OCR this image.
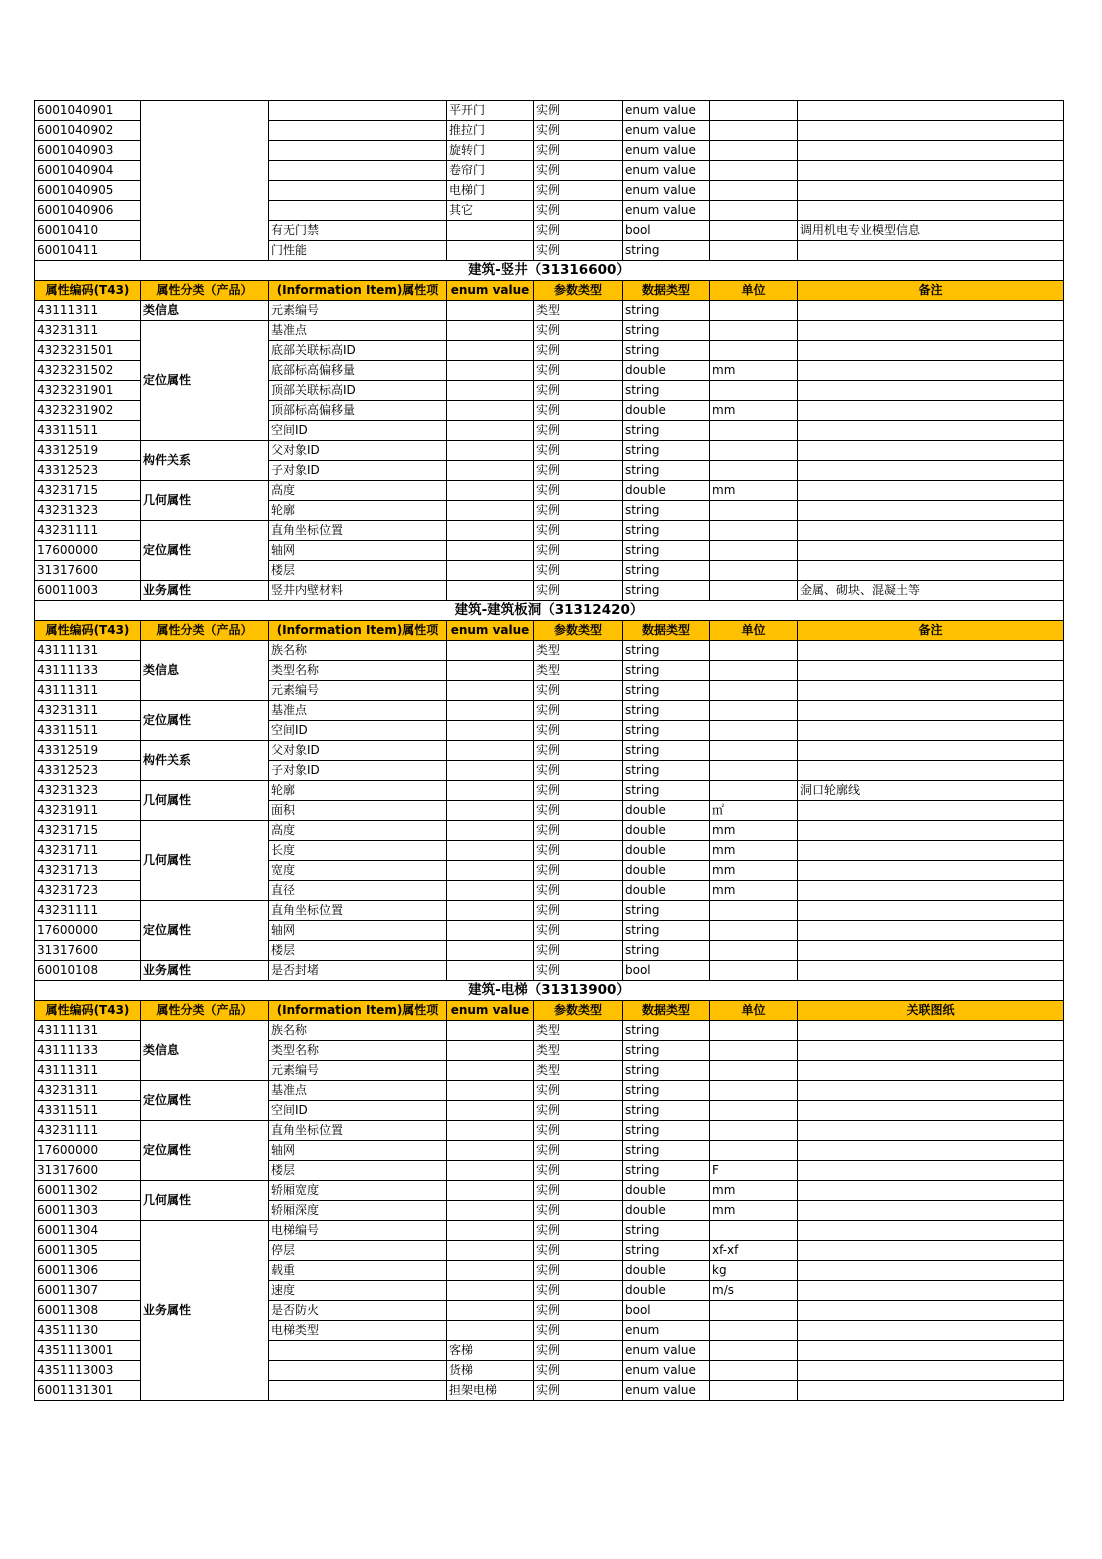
6001040901			平开门	实例	enum value		
6001040902			推拉门	实例	enum value		
6001040903			旋转门	实例	enum value		
6001040904			卷帘门	实例	enum value		
6001040905			电梯门	实例	enum value		
6001040906			其它	实例	enum value		
60010410		有无门禁		实例	bool		调用机电专业模型信息
60010411		门性能		实例	string		
建筑-竖井（31316600）							
属性编码(T43)	属性分类（产品）	(Information Item)属性项	enum value	参数类型	数据类型	单位	备注
43111311	类信息	元素编号		类型	string		
43231311	定位属性	基准点		实例	string		
4323231501		底部关联标高ID		实例	string		
4323231502		底部标高偏移量		实例	double	mm	
4323231901		顶部关联标高ID		实例	string		
4323231902		顶部标高偏移量		实例	double	mm	
43311511		空间ID		实例	string		
43312519	构件关系	父对象ID		实例	string		
43312523		子对象ID		实例	string		
43231715	几何属性	高度		实例	double	mm	
43231323		轮廓		实例	string		
43231111	定位属性	直角坐标位置		实例	string		
17600000		轴网		实例	string		
31317600		楼层		实例	string		
60011003	业务属性	竖井内壁材料		实例	string		金属、砌块、混凝土等
建筑-建筑板洞（31312420）							
属性编码(T43)	属性分类（产品）	(Information Item)属性项	enum value	参数类型	数据类型	单位	备注
43111131	类信息	族名称		类型	string		
43111133		类型名称		类型	string		
43111311		元素编号		实例	string		
43231311	定位属性	基准点		实例	string		
43311511		空间ID		实例	string		
43312519	构件关系	父对象ID		实例	string		
43312523		子对象ID		实例	string		
43231323	几何属性	轮廓		实例	string		洞口轮廓线
43231911		面积		实例	double	㎡	
43231715	几何属性	高度		实例	double	mm	
43231711		长度		实例	double	mm	
43231713		宽度		实例	double	mm	
43231723		直径		实例	double	mm	
43231111	定位属性	直角坐标位置		实例	string		
17600000		轴网		实例	string		
31317600		楼层		实例	string		
60010108	业务属性	是否封堵		实例	bool		
建筑-电梯（31313900）							
属性编码(T43)	属性分类（产品）	(Information Item)属性项	enum value	参数类型	数据类型	单位	关联图纸
43111131	类信息	族名称		类型	string		
43111133		类型名称		类型	string		
43111311		元素编号		类型	string		
43231311	定位属性	基准点		实例	string		
43311511		空间ID		实例	string		
43231111	定位属性	直角坐标位置		实例	string		
17600000		轴网		实例	string		
31317600		楼层		实例	string	F	
60011302	几何属性	轿厢宽度		实例	double	mm	
60011303		轿厢深度		实例	double	mm	
60011304	业务属性	电梯编号		实例	string		
60011305		停层		实例	string	xf-xf	
60011306		载重		实例	double	kg	
60011307		速度		实例	double	m/s	
60011308		是否防火		实例	bool		
43511130		电梯类型		实例	enum		
4351113001			客梯	实例	enum value		
4351113003			货梯	实例	enum value		
6001131301			担架电梯	实例	enum value		
